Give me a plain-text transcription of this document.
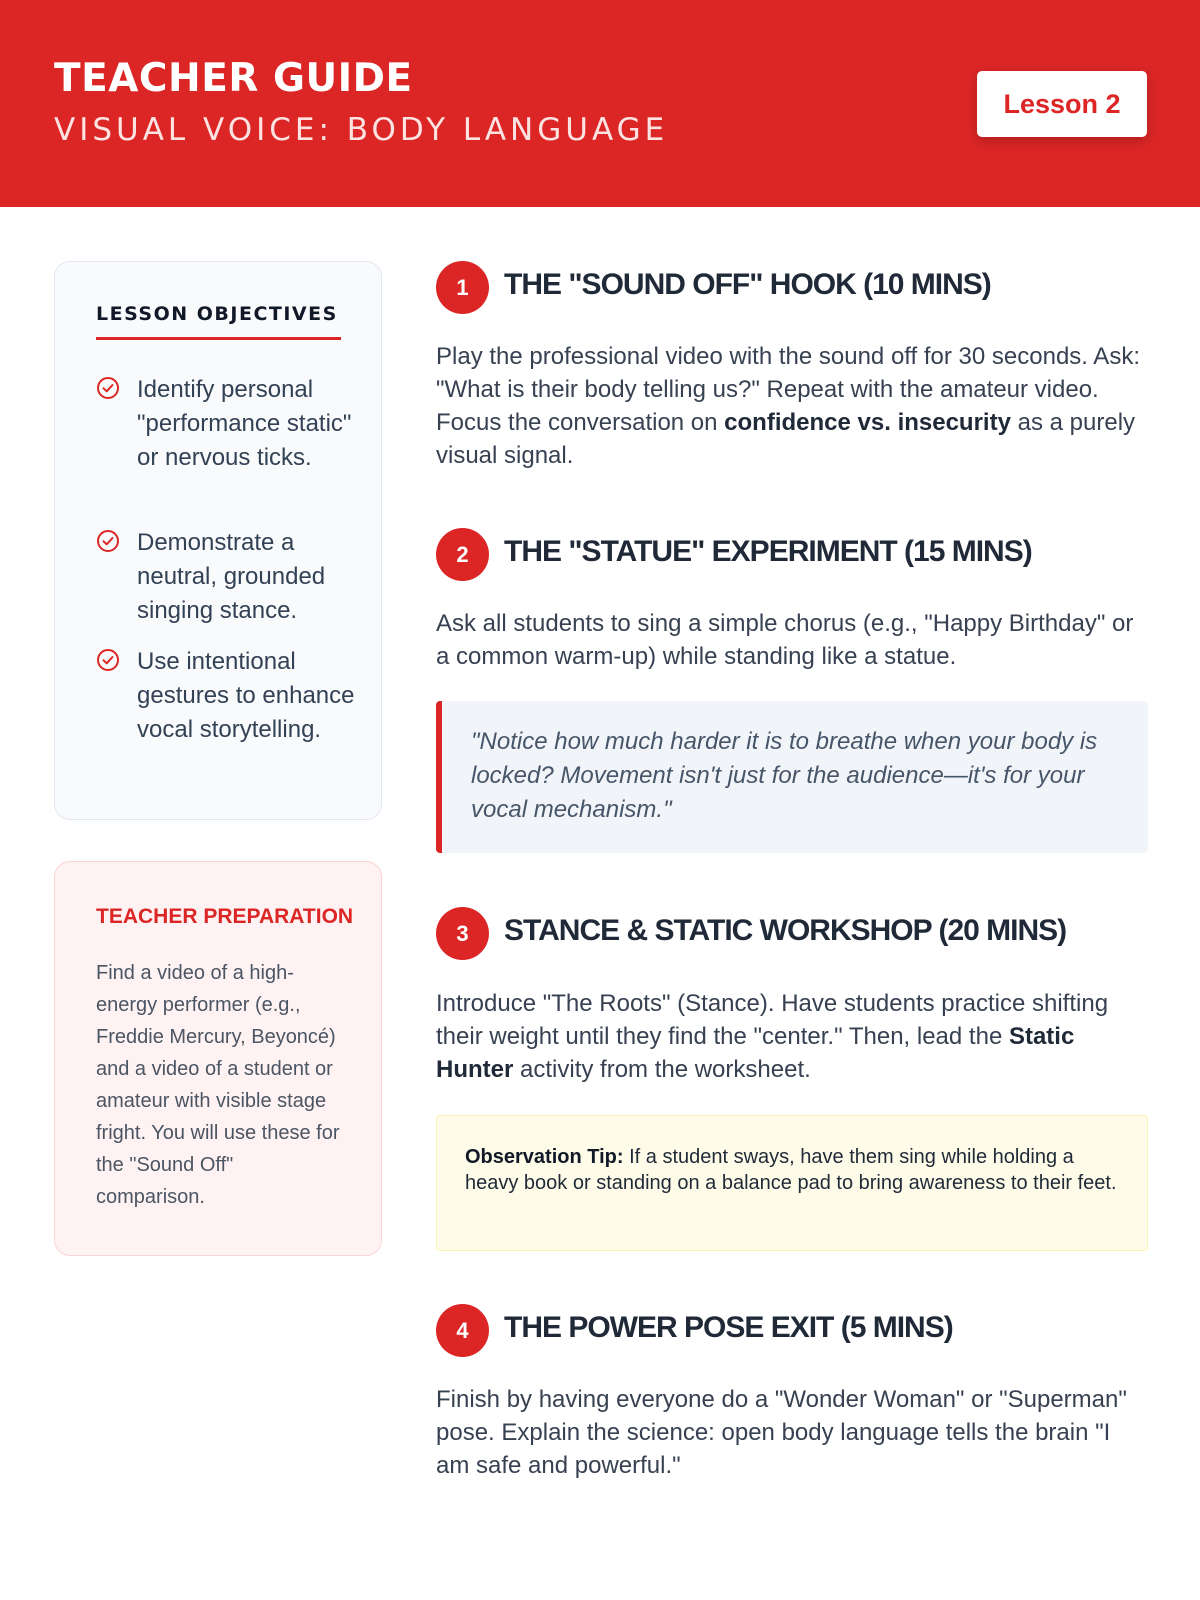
TEACHER GUIDE
VISUAL VOICE: BODY LANGUAGE
Lesson 2
LESSON OBJECTIVES
Identify personal "performance static" or nervous ticks.
Demonstrate a neutral, grounded singing stance.
Use intentional gestures to enhance vocal storytelling.
TEACHER PREPARATION
Find a video of a high-energy performer (e.g., Freddie Mercury, Beyoncé) and a video of a student or amateur with visible stage fright. You will use these for the "Sound Off" comparison.
1	THE "SOUND OFF" HOOK (10 MINS)
Play the professional video with the sound off for 30 seconds. Ask: "What is their body telling us?" Repeat with the amateur video. Focus the conversation on confidence vs. insecurity as a purely visual signal.
2	THE "STATUE" EXPERIMENT (15 MINS)
Ask all students to sing a simple chorus (e.g., "Happy Birthday" or a common warm-up) while standing like a statue.
"Notice how much harder it is to breathe when your body is locked? Movement isn't just for the audience—it's for your vocal mechanism."
3	STANCE & STATIC WORKSHOP (20 MINS)
Introduce "The Roots" (Stance). Have students practice shifting their weight until they find the "center." Then, lead the Static Hunter activity from the worksheet.
Observation Tip: If a student sways, have them sing while holding a heavy book or standing on a balance pad to bring awareness to their feet.
4	THE POWER POSE EXIT (5 MINS)
Finish by having everyone do a "Wonder Woman" or "Superman" pose. Explain the science: open body language tells the brain "I am safe and powerful."
